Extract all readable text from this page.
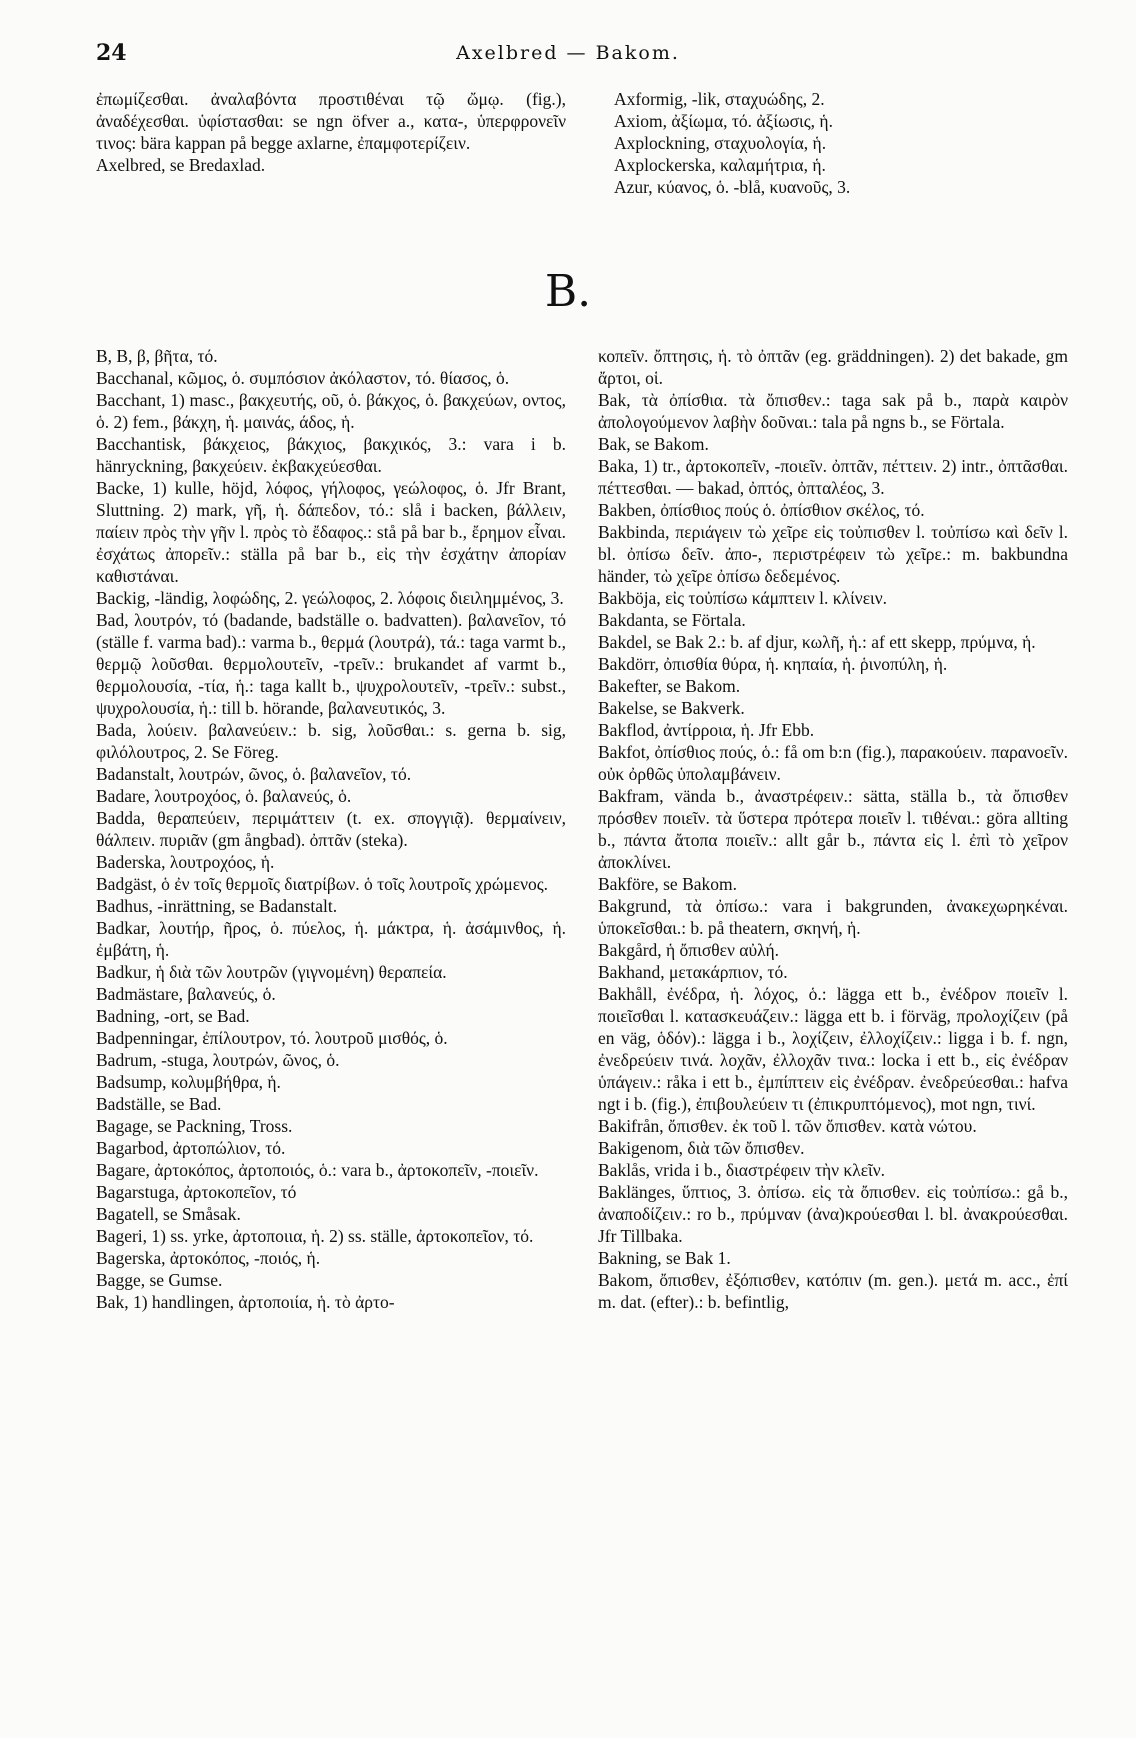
24	Axelbred — Bakom.

ἐπωμίζεσθαι. ἀναλαβόντα προστιθέναι τῷ ὤμῳ. (fig.), ἀναδέχεσθαι. ὑφίστασθαι: se ngn öfver a., κατα-, ὑπερφρονεῖν τινος: bära kappan på begge axlarne, ἐπαμφοτερίζειν.

Axelbred, se Bredaxlad.

Axformig, -lik, σταχυώδης, 2.

Axiom, ἀξίωμα, τό. ἀξίωσις, ἡ.

Axplockning, σταχυολογία, ἡ.

Axplockerska, καλαμήτρια, ἡ.

Azur, κύανος, ὁ. -blå, κυανοῦς, 3.

B.

B, B, β, βῆτα, τό.

Bacchanal, κῶμος, ὁ. συμπόσιον ἀκόλαστον, τό. θίασος, ὁ.

Bacchant, 1) masc., βακχευτής, οῦ, ὁ. βάκχος, ὁ. βακχεύων, οντος, ὁ. 2) fem., βάκχη, ἡ. μαινάς, άδος, ἡ.

Bacchantisk, βάκχειος, βάκχιος, βακχικός, 3.: vara i b. hänryckning, βακχεύειν. ἐκβακχεύεσθαι.

Backe, 1) kulle, höjd, λόφος, γήλοφος, γεώλοφος, ὁ. Jfr Brant, Sluttning. 2) mark, γῆ, ἡ. δάπεδον, τό.: slå i backen, βάλλειν, παίειν πρὸς τὴν γῆν l. πρὸς τὸ ἔδαφος.: stå på bar b., ἔρημον εἶναι. ἐσχάτως ἀπορεῖν.: ställa på bar b., εἰς τὴν ἐσχάτην ἀπορίαν καθιστάναι.

Backig, -ländig, λοφώδης, 2. γεώλοφος, 2. λόφοις διειλημμένος, 3.

Bad, λουτρόν, τό (badande, badställe o. badvatten). βαλανεῖον, τό (ställe f. varma bad).: varma b., θερμά (λουτρά), τά.: taga varmt b., θερμῷ λοῦσθαι. θερμολουτεῖν, -τρεῖν.: brukandet af varmt b., θερμολουσία, -τία, ἡ.: taga kallt b., ψυχρολουτεῖν, -τρεῖν.: subst., ψυχρολουσία, ἡ.: till b. hörande, βαλανευτικός, 3.

Bada, λούειν. βαλανεύειν.: b. sig, λοῦσθαι.: s. gerna b. sig, φιλόλουτρος, 2. Se Föreg.

Badanstalt, λουτρών, ῶνος, ὁ. βαλανεῖον, τό.

Badare, λουτροχόος, ὁ. βαλανεύς, ὁ.

Badda, θεραπεύειν, περιμάττειν (t. ex. σπογγιᾷ). θερμαίνειν, θάλπειν. πυριᾶν (gm ångbad). ὀπτᾶν (steka).

Baderska, λουτροχόος, ἡ.

Badgäst, ὁ ἐν τοῖς θερμοῖς διατρίβων. ὁ τοῖς λουτροῖς χρώμενος.

Badhus, -inrättning, se Badanstalt.

Badkar, λουτήρ, ῆρος, ὁ. πύελος, ἡ. μάκτρα, ἡ. ἀσάμινθος, ἡ. ἐμβάτη, ἡ.

Badkur, ἡ διὰ τῶν λουτρῶν (γιγνομένη) θεραπεία.

Badmästare, βαλανεύς, ὁ.

Badning, -ort, se Bad.

Badpenningar, ἐπίλουτρον, τό. λουτροῦ μισθός, ὁ.

Badrum, -stuga, λουτρών, ῶνος, ὁ.

Badsump, κολυμβήθρα, ἡ.

Badställe, se Bad.

Bagage, se Packning, Tross.

Bagarbod, ἀρτοπώλιον, τό.

Bagare, ἀρτοκόπος, ἀρτοποιός, ὁ.: vara b., ἀρτοκοπεῖν, -ποιεῖν.

Bagarstuga, ἀρτοκοπεῖον, τό

Bagatell, se Småsak.

Bageri, 1) ss. yrke, ἀρτοποιια, ἡ. 2) ss. ställe, ἀρτοκοπεῖον, τό.

Bagerska, ἀρτοκόπος, -ποιός, ἡ.

Bagge, se Gumse.

Bak, 1) handlingen, ἀρτοποιία, ἡ. τὸ ἀρτο-

κοπεῖν. ὄπτησις, ἡ. τὸ ὀπτᾶν (eg. gräddningen). 2) det bakade, gm ἄρτοι, οἱ.

Bak, τὰ ὀπίσθια. τὰ ὄπισθεν.: taga sak på b., παρὰ καιρὸν ἀπολογούμενον λαβὴν δοῦναι.: tala på ngns b., se Förtala.

Bak, se Bakom.

Baka, 1) tr., ἀρτοκοπεῖν, -ποιεῖν. ὀπτᾶν, πέττειν. 2) intr., ὀπτᾶσθαι. πέττεσθαι. — bakad, ὀπτός, ὀπταλέος, 3.

Bakben, ὀπίσθιος πούς ὁ. ὀπίσθιον σκέλος, τό.

Bakbinda, περιάγειν τὼ χεῖρε εἰς τοὐπισθεν l. τοὐπίσω καὶ δεῖν l. bl. ὀπίσω δεῖν. ἀπο-, περιστρέφειν τὼ χεῖρε.: m. bakbundna händer, τὼ χεῖρε ὀπίσω δεδεμένος.

Bakböja, εἰς τοὐπίσω κάμπτειν l. κλίνειν.

Bakdanta, se Förtala.

Bakdel, se Bak 2.: b. af djur, κωλῆ, ἡ.: af ett skepp, πρύμνα, ἡ.

Bakdörr, ὀπισθία θύρα, ἡ. κηπαία, ἡ. ῥινοπύλη, ἡ.

Bakefter, se Bakom.

Bakelse, se Bakverk.

Bakflod, ἀντίρροια, ἡ. Jfr Ebb.

Bakfot, ὀπίσθιος πούς, ὁ.: få om b:n (fig.), παρακούειν. παρανοεῖν. οὐκ ὀρθῶς ὑπολαμβάνειν.

Bakfram, vända b., ἀναστρέφειν.: sätta, ställa b., τὰ ὄπισθεν πρόσθεν ποιεῖν. τὰ ὕστερα πρότερα ποιεῖν l. τιθέναι.: göra allting b., πάντα ἄτοπα ποιεῖν.: allt går b., πάντα εἰς l. ἐπὶ τὸ χεῖρον ἀποκλίνει.

Bakföre, se Bakom.

Bakgrund, τὰ ὀπίσω.: vara i bakgrunden, ἀνακεχωρηκέναι. ὑποκεῖσθαι.: b. på theatern, σκηνή, ἡ.

Bakgård, ἡ ὄπισθεν αὐλή.

Bakhand, μετακάρπιον, τό.

Bakhåll, ἐνέδρα, ἡ. λόχος, ὁ.: lägga ett b., ἐνέδρον ποιεῖν l. ποιεῖσθαι l. κατασκευάζειν.: lägga ett b. i förväg, προλοχίζειν (på en väg, ὁδόν).: lägga i b., λοχίζειν, ἐλλοχίζειν.: ligga i b. f. ngn, ἐνεδρεύειν τινά. λοχᾶν, ἐλλοχᾶν τινα.: locka i ett b., εἰς ἐνέδραν ὑπάγειν.: råka i ett b., ἐμπίπτειν εἰς ἐνέδραν. ἐνεδρεύεσθαι.: hafva ngt i b. (fig.), ἐπιβουλεύειν τι (ἐπικρυπτόμενος), mot ngn, τινί.

Bakifrån, ὄπισθεν. ἐκ τοῦ l. τῶν ὄπισθεν. κατὰ νώτου.

Bakigenom, διὰ τῶν ὄπισθεν.

Baklås, vrida i b., διαστρέφειν τὴν κλεῖν.

Baklänges, ὕπτιος, 3. ὀπίσω. εἰς τὰ ὄπισθεν. εἰς τοὐπίσω.: gå b., ἀναποδίζειν.: ro b., πρύμναν (ἀνα)κρούεσθαι l. bl. ἀνακρούεσθαι. Jfr Tillbaka.

Bakning, se Bak 1.

Bakom, ὄπισθεν, ἐξόπισθεν, κατόπιν (m. gen.). μετά m. acc., ἐπί m. dat. (efter).: b. befintlig,
